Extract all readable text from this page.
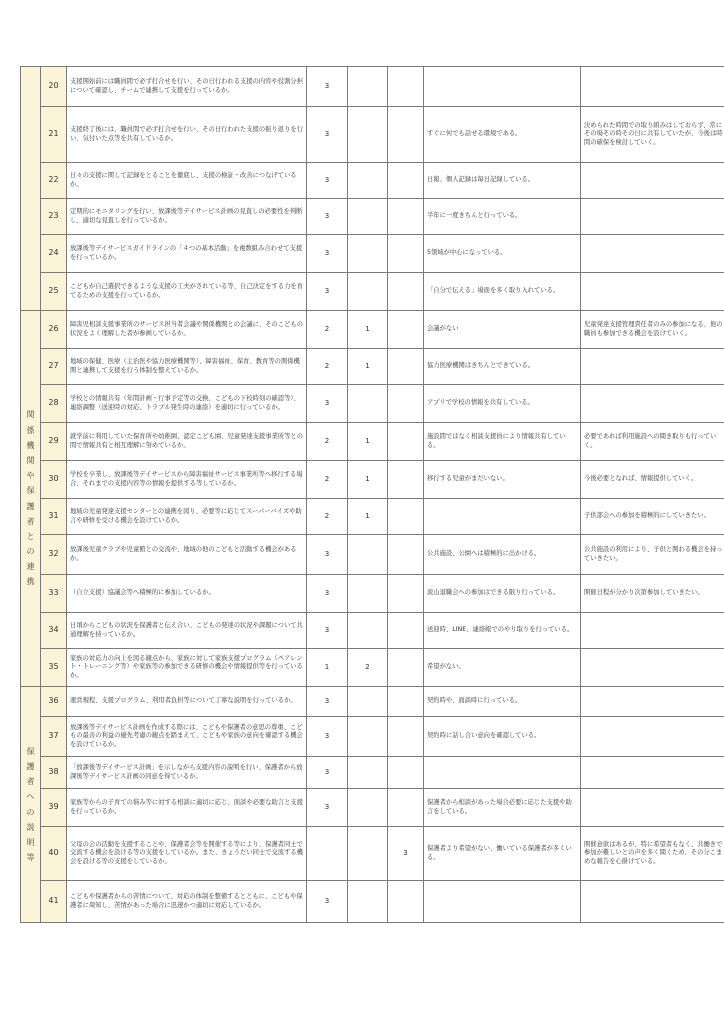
	20	支援開始前には職員間で必ず打合せを行い、その日行われる支援の内容や役割分担について確認し、チームで連携して支援を行っているか。	3				
	21	支援終了後には、職員間で必ず打合せを行い、その日行われた支援の振り返りを行い、気付いた点等を共有しているか。	3			すぐに何でも話せる環境である。	決められた時間での取り組みはしておらず、常にその場その時その日に共有していたが、今後は時間の確保を検討していく。
	22	日々の支援に関して記録をとることを徹底し、支援の検証・改善につなげているか。	3			日報、個人記録は毎日記録している。	
	23	定期的にモニタリングを行い、放課後等デイサービス計画の見直しの必要性を判断し、適切な見直しを行っているか。	3			半年に一度きちんと行っている。	
	24	放課後等デイサービスガイドラインの「４つの基本活動」を複数組み合わせて支援を行っているか。	3			5領域が中心になっている。	
	25	こどもが自己選択できるような支援の工夫がされている等、自己決定をする力を育てるための支援を行っているか。	3			「自分で伝える」場面を多く取り入れている。	
関係機関や保護者との連携	26	障害児相談支援事業所のサービス担当者会議や関係機関との会議に、そのこどもの状況をよく理解した者が参画しているか。	2	1		会議がない	児童発達支援管理責任者のみの参加になる、他の職員も参加できる機会を設けていく。
	27	地域の保健、医療（主治医や協力医療機関等）、障害福祉、保育、教育等の関係機関と連携して支援を行う体制を整えているか。	2	1		協力医療機関はきちんとできている。	
	28	学校との情報共有（年間計画・行事予定等の交換、こどもの下校時刻の確認等）、連絡調整（送迎時の対応、トラブル発生時の連絡）を適切に行っているか。	3			アプリで学校の情報を共有している。	
	29	就学前に利用していた保育所や幼稚園、認定こども園、児童発達支援事業所等との間で情報共有と相互理解に努めているか。	2	1		施設間ではなく相談支援員により情報共有している。	必要であれば利用施設への聞き取りも行っていく。
	30	学校を卒業し、放課後等デイサービスから障害福祉サービス事業所等へ移行する場合、それまでの支援内容等の情報を提供する等しているか。	2	1		移行する児童がまだいない。	今後必要となれば、情報提供していく。
	31	地域の児童発達支援センターとの連携を図り、必要等に応じてスーパーバイズや助言や研修を受ける機会を設けているか。	2	1			子供部会への参加を積極的にしていきたい。
	32	放課後児童クラブや児童館との交流や、地域の他のこどもと活動する機会があるか。	3			公共施設、公園へは積極的に出かける。	公共施設の利用により、子供と関わる機会を持っていきたい。
	33	（自立支援）協議会等へ積極的に参加しているか。	3			流山退職会への参加はできる限り行っている。	開催日程が分かり次第参加していきたい。
	34	日頃からこどもの状況を保護者と伝え合い、こどもの発達の状況や課題について共通理解を持っているか。	3			送迎時、LINE、連絡帳でのやり取りを行っている。	
	35	家族の対応力の向上を図る観点から、家族に対して家族支援プログラム（ペアレント・トレーニング等）や家族等の参加できる研修の機会や情報提供等を行っているか。	1	2		希望がない。	
保護者への説明等	36	運営規程、支援プログラム、利用者負担等について丁寧な説明を行っているか。	3			契約時や、面談時に行っている。	
	37	放課後等デイサービス計画を作成する際には、こどもや保護者の意思の尊重、こどもの最善の利益の優先考慮の観点を踏まえて、こどもや家族の意向を確認する機会を設けているか。	3			契約時に話し合い意向を確認している。	
	38	「放課後等デイサービス計画」を示しながら支援内容の説明を行い、保護者から放課後等デイサービス計画の同意を得ているか。	3				
	39	家族等からの子育ての悩み等に対する相談に適切に応じ、面談や必要な助言と支援を行っているか。	3			保護者から相談があった場合必要に応じた支援や助言をしている。	
	40	父母の会の活動を支援することや、保護者会等を開催する等により、保護者同士で交流する機会を設ける等の支援をしているか。また、きょうだい同士で交流する機会を設ける等の支援をしているか。			3	保護者より希望がない、働いている保護者が多くいる。	開催意欲はあるが、特に希望者もなく、共働きで参加が難しいとの声を多く聞くため、その分こまめな報告を心掛けている。
	41	こどもや保護者からの苦情について、対応の体制を整備するとともに、こどもや保護者に周知し、苦情があった場合に迅速かつ適切に対応しているか。	3				
